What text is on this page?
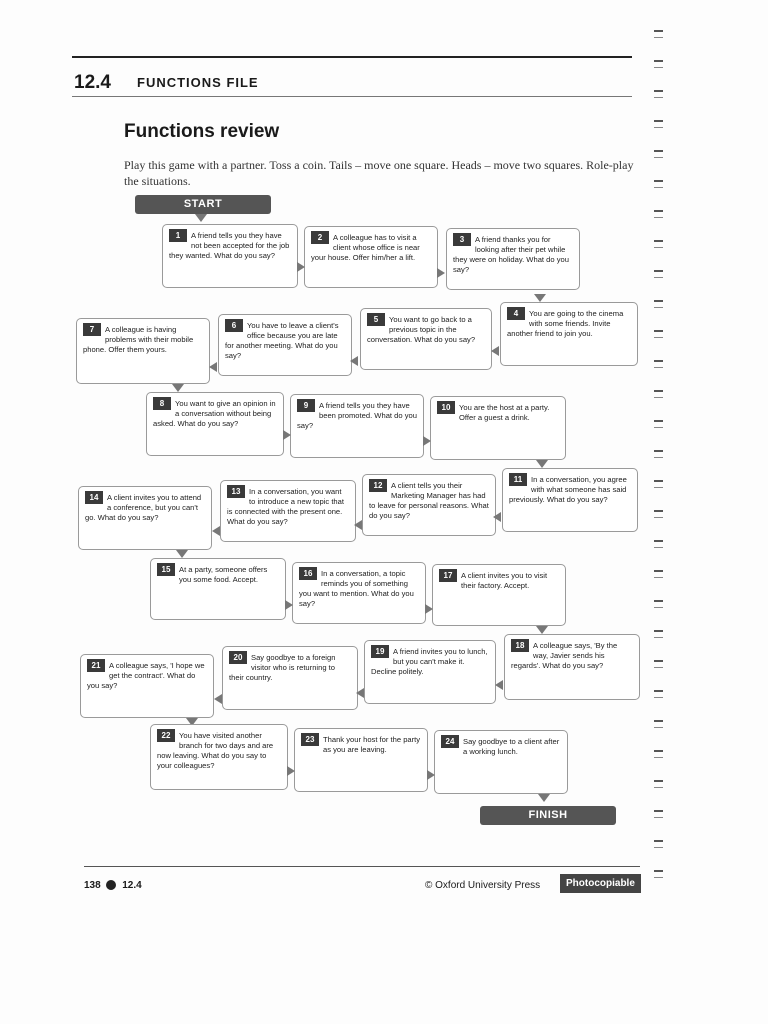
12.4 FUNCTIONS FILE
Functions review
Play this game with a partner. Toss a coin. Tails – move one square. Heads – move two squares. Role-play the situations.
START
1	A friend tells you they have not been accepted for the job they wanted. What do you say?
2	A colleague has to visit a client whose office is near your house. Offer him/her a lift.
3	A friend thanks you for looking after their pet while they were on holiday. What do you say?
7	A colleague is having problems with their mobile phone. Offer them yours.
6	You have to leave a client's office because you are late for another meeting. What do you say?
5	You want to go back to a previous topic in the conversation. What do you say?
4	You are going to the cinema with some friends. Invite another friend to join you.
8	You want to give an opinion in a conversation without being asked. What do you say?
9	A friend tells you they have been promoted. What do you say?
10	You are the host at a party. Offer a guest a drink.
14	A client invites you to attend a conference, but you can't go. What do you say?
13	In a conversation, you want to introduce a new topic that is connected with the present one. What do you say?
12	A client tells you their Marketing Manager has had to leave for personal reasons. What do you say?
11	In a conversation, you agree with what someone has said previously. What do you say?
15	At a party, someone offers you some food. Accept.
16	In a conversation, a topic reminds you of something you want to mention. What do you say?
17	A client invites you to visit their factory. Accept.
21	A colleague says, 'I hope we get the contract'. What do you say?
20	Say goodbye to a foreign visitor who is returning to their country.
19	A friend invites you to lunch, but you can't make it. Decline politely.
18	A colleague says, 'By the way, Javier sends his regards'. What do you say?
22	You have visited another branch for two days and are now leaving. What do you say to your colleagues?
23	Thank your host for the party as you are leaving.
24	Say goodbye to a client after a working lunch.
FINISH
138 12.4	© Oxford University Press	Photocopiable
